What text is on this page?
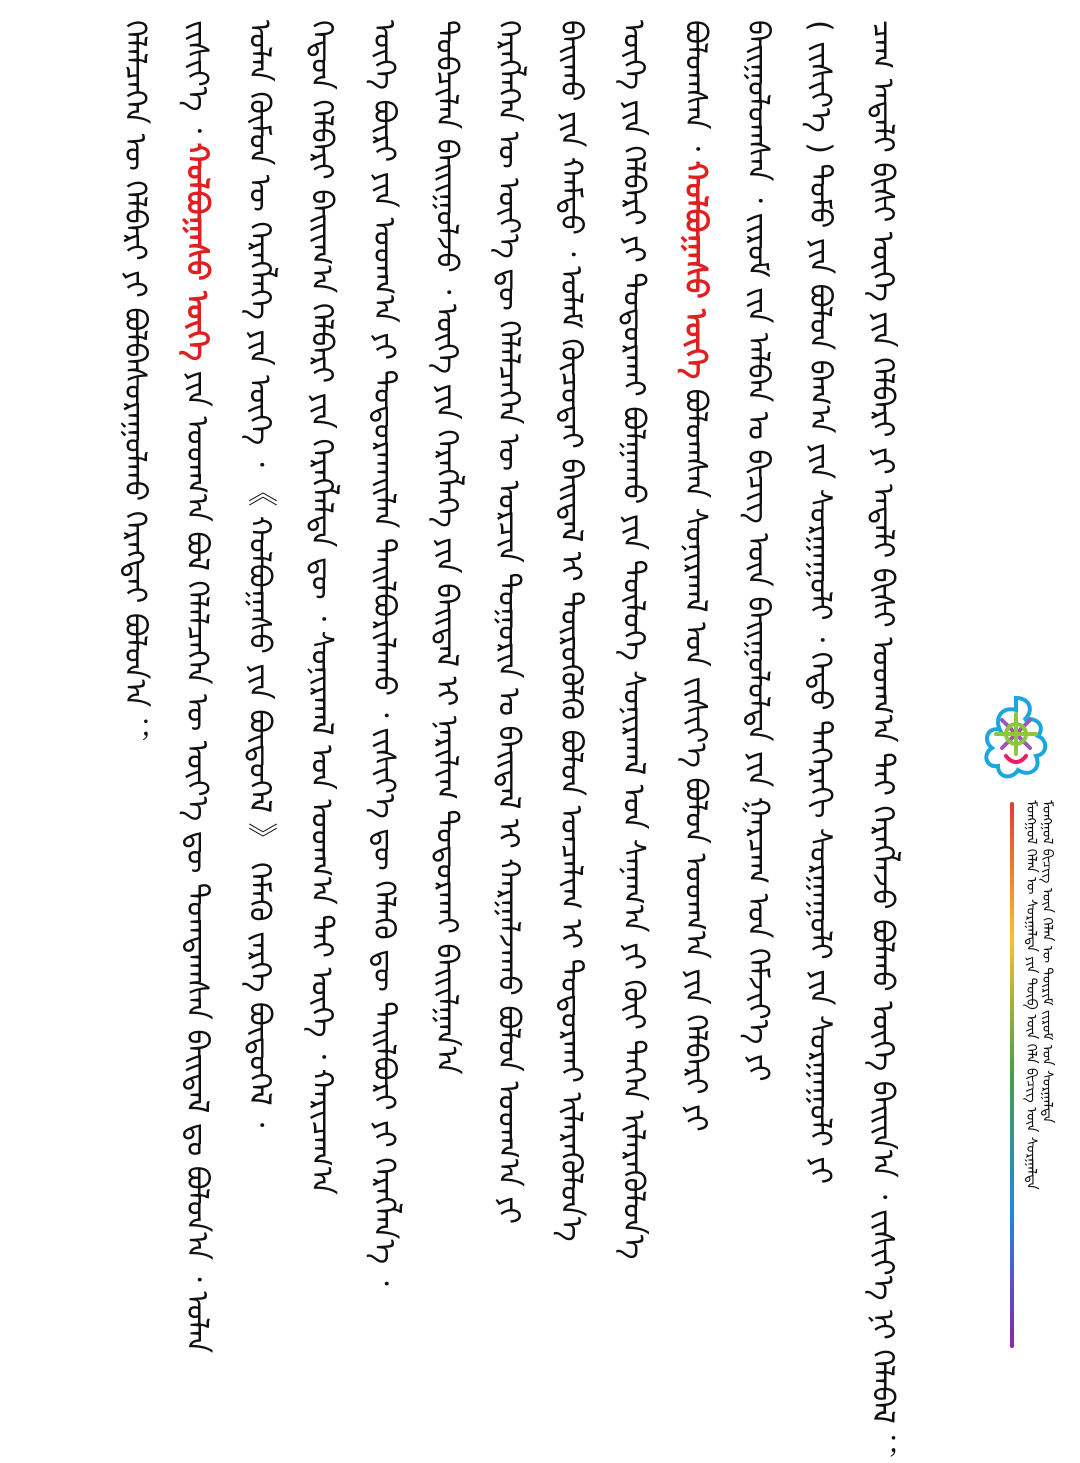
ᠮᠣᠩᠭᠣᠯ ᠬᠡᠯᠡᠨ ᠦ ᠰᠤᠷᠭᠠᠯᠲᠠ ᠶᠢᠨ ᠲᠥᠪ ᠦᠨ ᠬᠡᠯᠡ ᠪᠢᠴᠢᠭ ᠦᠨ ᠰᠤᠷᠭᠠᠯᠲᠠ ᠮᠣᠩᠭᠣᠯ ᠪᠢᠴᠢᠭ ᠦᠨ ᠬᠡᠯᠡᠨ ᠦ ᠳᠦᠷᠢᠮ ᠵᠢᠷᠤᠮ ᠤᠨ ᠰᠤᠷᠭᠠᠯᠲᠠ
ᠴᠠᠭ ᠠᠳᠠᠯᠢ ᠪᠢᠰᠢ ᠦᠭᠡ ᠶᠢᠨ ᠬᠡᠯᠪᠡᠷᠢ ᠶᠢ ᠠᠳᠠᠯᠢ ᠪᠢᠰᠢ ᠤᠳᠬ᠎ᠠ ᠲᠠᠢ ᠬᠡᠷᠡᠭᠯᠡᠵᠦ ᠪᠣᠯᠬᠤ ᠦᠭᠡ ᠪᠠᠢᠢᠨ᠎ᠠ ᠂ ᠵᠢᠱᠢᠶ᠎ᠡ ᠨᠢ ᠬᠡᠯᠡᠪᠡᠯ ︔
( ᠵᠢᠱᠢᠶ᠎ᠡ ) ᠲᠣᠮᠣ ᠶᠢᠨ ᠪᠣᠯᠤᠨ ᠪᠠᠭ᠎ᠠ ᠶᠢᠨ ᠰᠤᠷᠭᠠᠭᠤᠯᠢ ᠂ ᠬᠡᠳᠦ ᠳᠡᠭᠡᠷᠡᠬᠢ ᠰᠤᠷᠭᠠᠭᠤᠯᠢ ᠶᠢᠨ ᠰᠤᠷᠭᠠᠭᠤᠯᠢ ᠶᠢ
ᠪᠠᠢᠭᠤᠯᠤᠭᠰᠠᠨ ᠂ ᠵᠢᠷᠤᠮ ᠵᠢᠨ ᠠᠯᠪᠠᠨ ᠤ ᠪᠢᠴᠢᠭ ᠦᠨ ᠪᠠᠢᠭᠤᠯᠤᠯᠲᠠ ᠶᠢᠨ ᠭᠠᠷᠴᠠᠭ ᠤᠨ ᠬᠡᠮᠵᠢᠶ᠎ᠡ ᠶᠢ
ᠪᠣᠯᠤᠭᠰᠠᠨ ᠂ ᠬᠣᠯᠪᠣᠭᠠᠰᠤ ᠦᠭᠡ ᠪᠣᠯᠤᠭᠰᠠᠨ ᠰᠣᠨᠢᠷᠬᠠᠯ ᠤᠨ ᠵᠢᠱᠢᠶ᠎ᠡ ᠪᠣᠯᠤᠨ ᠤᠳᠬ᠎ᠠ ᠶᠢᠨ ᠬᠡᠯᠪᠡᠷᠢ ᠶᠢ
ᠦᠭᠡ ᠶᠢᠨ ᠬᠡᠯᠪᠡᠷᠢ ᠶᠢ ᠲᠣᠳᠣᠷᠬᠠᠢ ᠪᠣᠯᠭᠠᠬᠤ ᠶᠢᠨ ᠲᠥᠯᠦᠭᠡ ᠰᠣᠨᠢᠷᠬᠠᠯ ᠤᠨ ᠰᠠᠨᠠᠭ᠎ᠠ ᠶᠢ ᠬᠦᠢ ᠳᠡᠭᠡᠨ ᠢᠯᠡᠷᠡᠭᠦᠯᠦᠨ᠎ᠡ
ᠪᠠᠢᠬᠤ ᠶᠢᠨ ᠬᠠᠮᠲᠤ ᠂ ᠤᠯᠠᠮ ᠬᠦᠴᠦᠲᠡᠢ ᠪᠠᠢᠳᠠᠯ ᠢ ᠲᠦᠷᠦᠭᠦᠯᠬᠦ ᠪᠣᠯᠤᠨ ᠣᠨᠴᠠᠯᠢᠭ ᠢ ᠲᠣᠳᠣᠷᠬᠠᠢ ᠢᠯᠡᠷᠡᠭᠦᠯᠦᠨ᠎ᠡ
ᠬᠡᠷᠡᠭᠯᠡᠭᠡᠨ ᠦ ᠦᠶ᠎ᠡ ᠳᠦ ᠬᠡᠯᠡᠯᠴᠡᠭᠡᠨ ᠦ ᠣᠷᠴᠢᠨ ᠲᠣᠭᠣᠷᠢᠨ ᠤ ᠪᠠᠢᠳᠠᠯ ᠢ ᠬᠠᠷᠭᠠᠯᠵᠠᠬᠤ ᠪᠣᠯᠤᠨ ᠤᠳᠬ᠎ᠠ ᠶᠢ
ᠲᠣᠪᠴᠢᠯᠠᠨ ᠪᠠᠢᠢᠭᠤᠯᠵᠤ ᠂ ᠦᠭᠡ ᠶᠢᠨ ᠬᠡᠷᠡᠭᠯᠡᠭᠡ ᠶᠢᠨ ᠪᠠᠢᠳᠠᠯ ᠢ ᠨᠠᠷᠢᠯᠢᠭ ᠲᠣᠳᠣᠷᠬᠠᠢ ᠪᠠᠢᠢᠯᠭᠠᠨ᠎ᠠ
ᠦᠭᠡ ᠪᠦᠷᠢ ᠶᠢᠨ ᠤᠳᠬ᠎ᠠ ᠶᠢ ᠲᠣᠳᠣᠷᠬᠠᠢᠯᠠᠨ ᠲᠠᠢᠯᠪᠤᠷᠢᠯᠠᠬᠤ ᠂ ᠵᠢᠱᠢᠶ᠎ᠡ ᠳᠦ ᠬᠡᠯᠡᠬᠦ ᠳᠦ ᠲᠠᠢᠯᠪᠤᠷᠢ ᠶᠢ ᠬᠡᠷᠡᠭᠯᠡᠨ᠎ᠡ ᠂
ᠬᠡᠳᠦᠨ ᠬᠡᠯᠪᠡᠷᠢ ᠪᠠᠢᠢᠭ᠎ᠠ ᠬᠡᠯᠪᠡᠷᠢ ᠶᠢᠨ ᠬᠡᠷᠡᠭᠯᠡᠯᠲᠡ ᠳᠦ ᠂ ᠰᠣᠨᠢᠷᠬᠠᠯ ᠤᠨ ᠤᠳᠬ᠎ᠠ ᠲᠠᠢ ᠦᠭᠡ ᠂ ᠬᠠᠷᠢᠴᠠᠭ᠎ᠠ
ᠣᠯᠠᠨ ᠬᠦᠮᠦᠨ ᠦ ᠬᠡᠷᠡᠭᠯᠡᠭᠡ ᠶᠢᠨ ᠦᠭᠡ ᠂ 《 ᠬᠣᠯᠪᠣᠭᠠᠰᠤ ᠶᠢᠨ ᠪᠦᠲᠦᠭᠡᠯ 》 ᠬᠡᠮᠡᠬᠦ ᠵᠡᠷᠭᠡ ᠪᠦᠲᠦᠭᠡᠯ ᠂
ᠵᠢᠱᠢᠶ᠎ᠡ ᠂ ᠬᠣᠯᠪᠣᠭᠠᠰᠤ ᠦᠭᠡ ᠶᠢᠨ ᠤᠳᠬ᠎ᠠ ᠪᠣᠯ ᠬᠡᠯᠡᠯᠴᠡᠭᠡᠨ ᠦ ᠦᠶ᠎ᠡ ᠳᠦ ᠲᠣᠭᠲᠠᠭᠰᠠᠨ ᠪᠠᠢᠳᠠᠯ ᠳᠤ ᠪᠣᠯᠤᠨ᠎ᠠ ᠂ ᠣᠯᠠᠨ
ᠬᠡᠯᠡᠯᠴᠡᠭᠡᠨ ᠦ ᠬᠡᠯᠪᠡᠷᠢ ᠶᠢ ᠪᠣᠯᠪᠠᠰᠤᠷᠠᠭᠤᠯᠬᠤ ᠬᠡᠷᠡᠭᠲᠡᠢ ᠪᠣᠯᠤᠨ᠎ᠠ ︔
